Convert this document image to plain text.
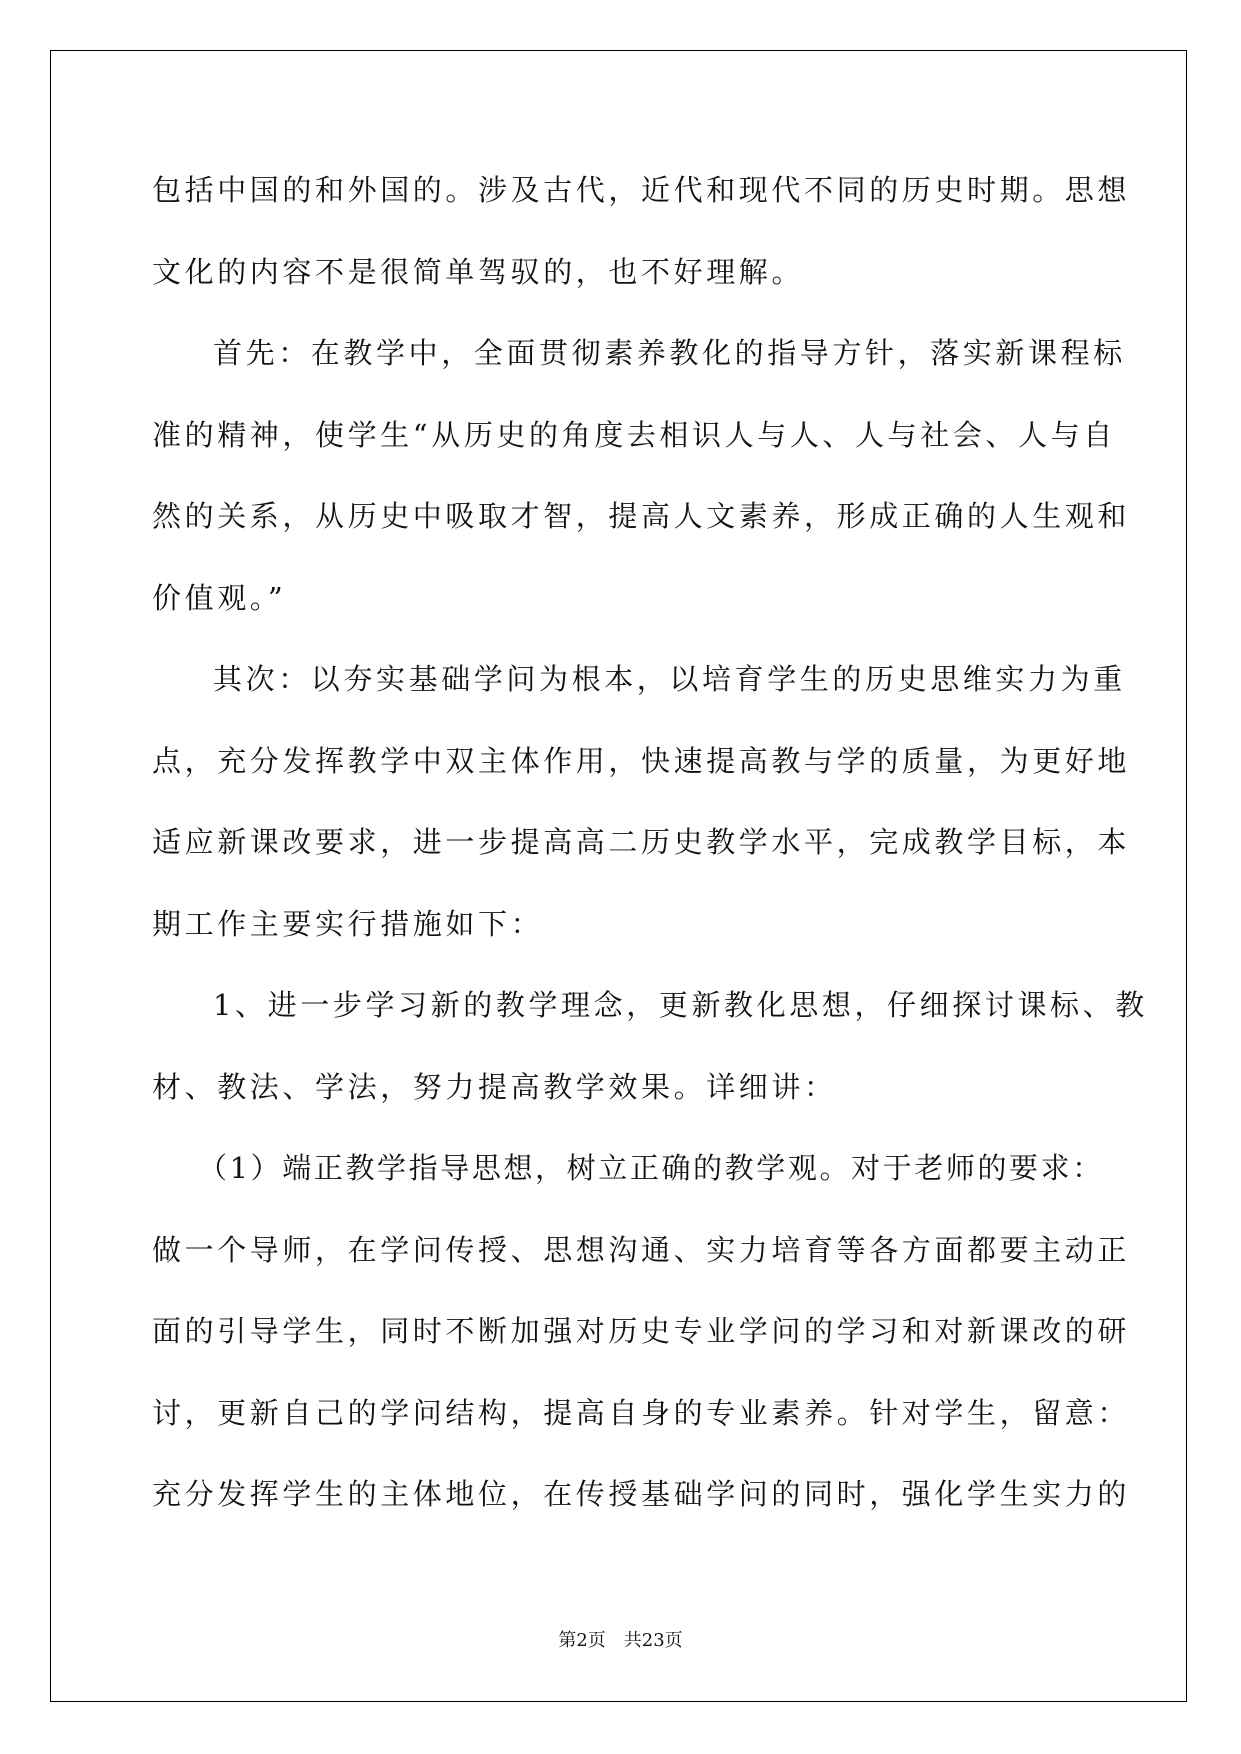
包括中国的和外国的。涉及古代，近代和现代不同的历史时期。思想
文化的内容不是很简单驾驭的，也不好理解。
首先：在教学中，全面贯彻素养教化的指导方针，落实新课程标
准的精神，使学生“从历史的角度去相识人与人、人与社会、人与自
然的关系，从历史中吸取才智，提高人文素养，形成正确的人生观和
价值观。”
其次：以夯实基础学问为根本，以培育学生的历史思维实力为重
点，充分发挥教学中双主体作用，快速提高教与学的质量，为更好地
适应新课改要求，进一步提高高二历史教学水平，完成教学目标，本
期工作主要实行措施如下：
1、进一步学习新的教学理念，更新教化思想，仔细探讨课标、教
材、教法、学法，努力提高教学效果。详细讲：
（1）端正教学指导思想，树立正确的教学观。对于老师的要求：
做一个导师，在学问传授、思想沟通、实力培育等各方面都要主动正
面的引导学生，同时不断加强对历史专业学问的学习和对新课改的研
讨，更新自己的学问结构，提高自身的专业素养。针对学生，留意：
充分发挥学生的主体地位，在传授基础学问的同时，强化学生实力的
第2页 共23页
